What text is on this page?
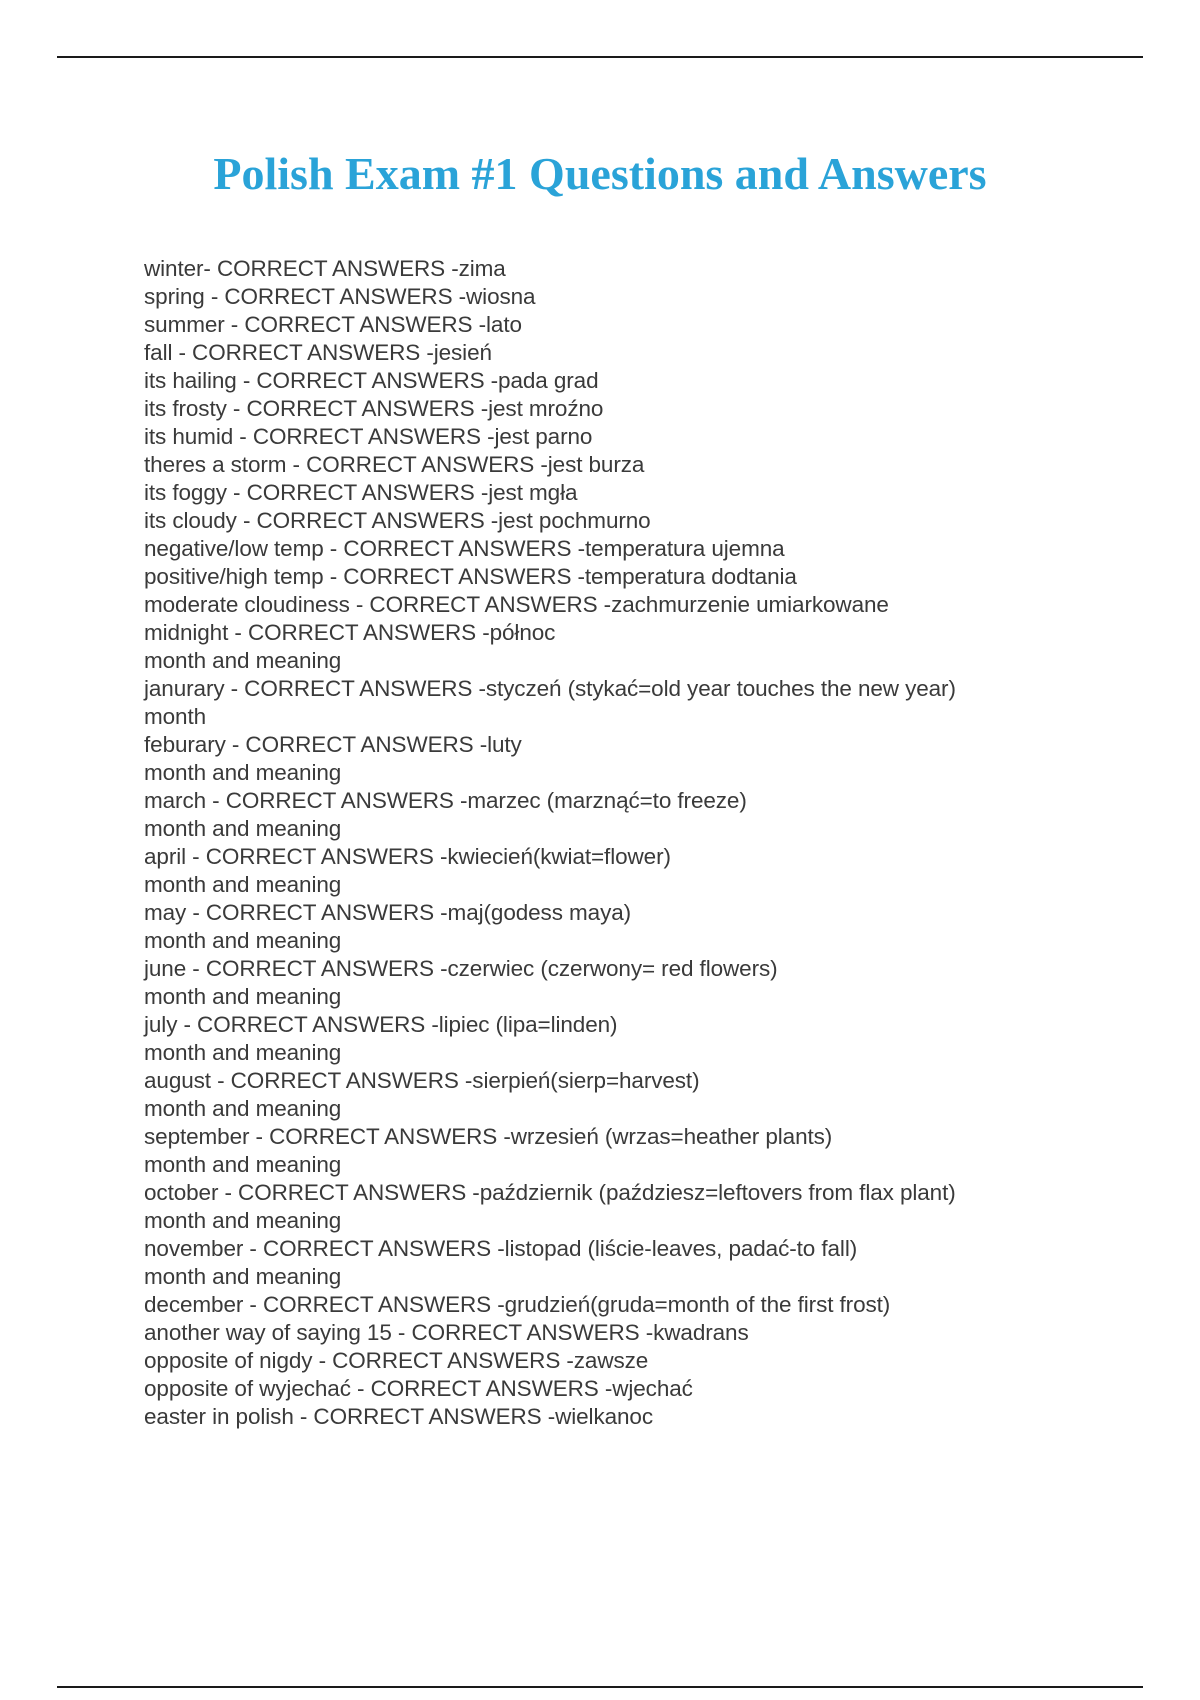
Polish Exam #1 Questions and Answers
winter- CORRECT ANSWERS -zima
spring - CORRECT ANSWERS -wiosna
summer - CORRECT ANSWERS -lato
fall - CORRECT ANSWERS -jesień
its hailing - CORRECT ANSWERS -pada grad
its frosty - CORRECT ANSWERS -jest mroźno
its humid - CORRECT ANSWERS -jest parno
theres a storm - CORRECT ANSWERS -jest burza
its foggy - CORRECT ANSWERS -jest mgła
its cloudy - CORRECT ANSWERS -jest pochmurno
negative/low temp - CORRECT ANSWERS -temperatura ujemna
positive/high temp - CORRECT ANSWERS -temperatura dodtania
moderate cloudiness - CORRECT ANSWERS -zachmurzenie umiarkowane
midnight - CORRECT ANSWERS -północ
month and meaning
janurary - CORRECT ANSWERS -styczeń (stykać=old year touches the new year)
month
feburary - CORRECT ANSWERS -luty
month and meaning
march - CORRECT ANSWERS -marzec (marznąć=to freeze)
month and meaning
april - CORRECT ANSWERS -kwiecień(kwiat=flower)
month and meaning
may - CORRECT ANSWERS -maj(godess maya)
month and meaning
june - CORRECT ANSWERS -czerwiec (czerwony= red flowers)
month and meaning
july - CORRECT ANSWERS -lipiec (lipa=linden)
month and meaning
august - CORRECT ANSWERS -sierpień(sierp=harvest)
month and meaning
september - CORRECT ANSWERS -wrzesień (wrzas=heather plants)
month and meaning
october - CORRECT ANSWERS -październik (paździesz=leftovers from flax plant)
month and meaning
november - CORRECT ANSWERS -listopad (liście-leaves, padać-to fall)
month and meaning
december - CORRECT ANSWERS -grudzień(gruda=month of the first frost)
another way of saying 15 - CORRECT ANSWERS -kwadrans
opposite of nigdy - CORRECT ANSWERS -zawsze
opposite of wyjechać - CORRECT ANSWERS -wjechać
easter in polish - CORRECT ANSWERS -wielkanoc
